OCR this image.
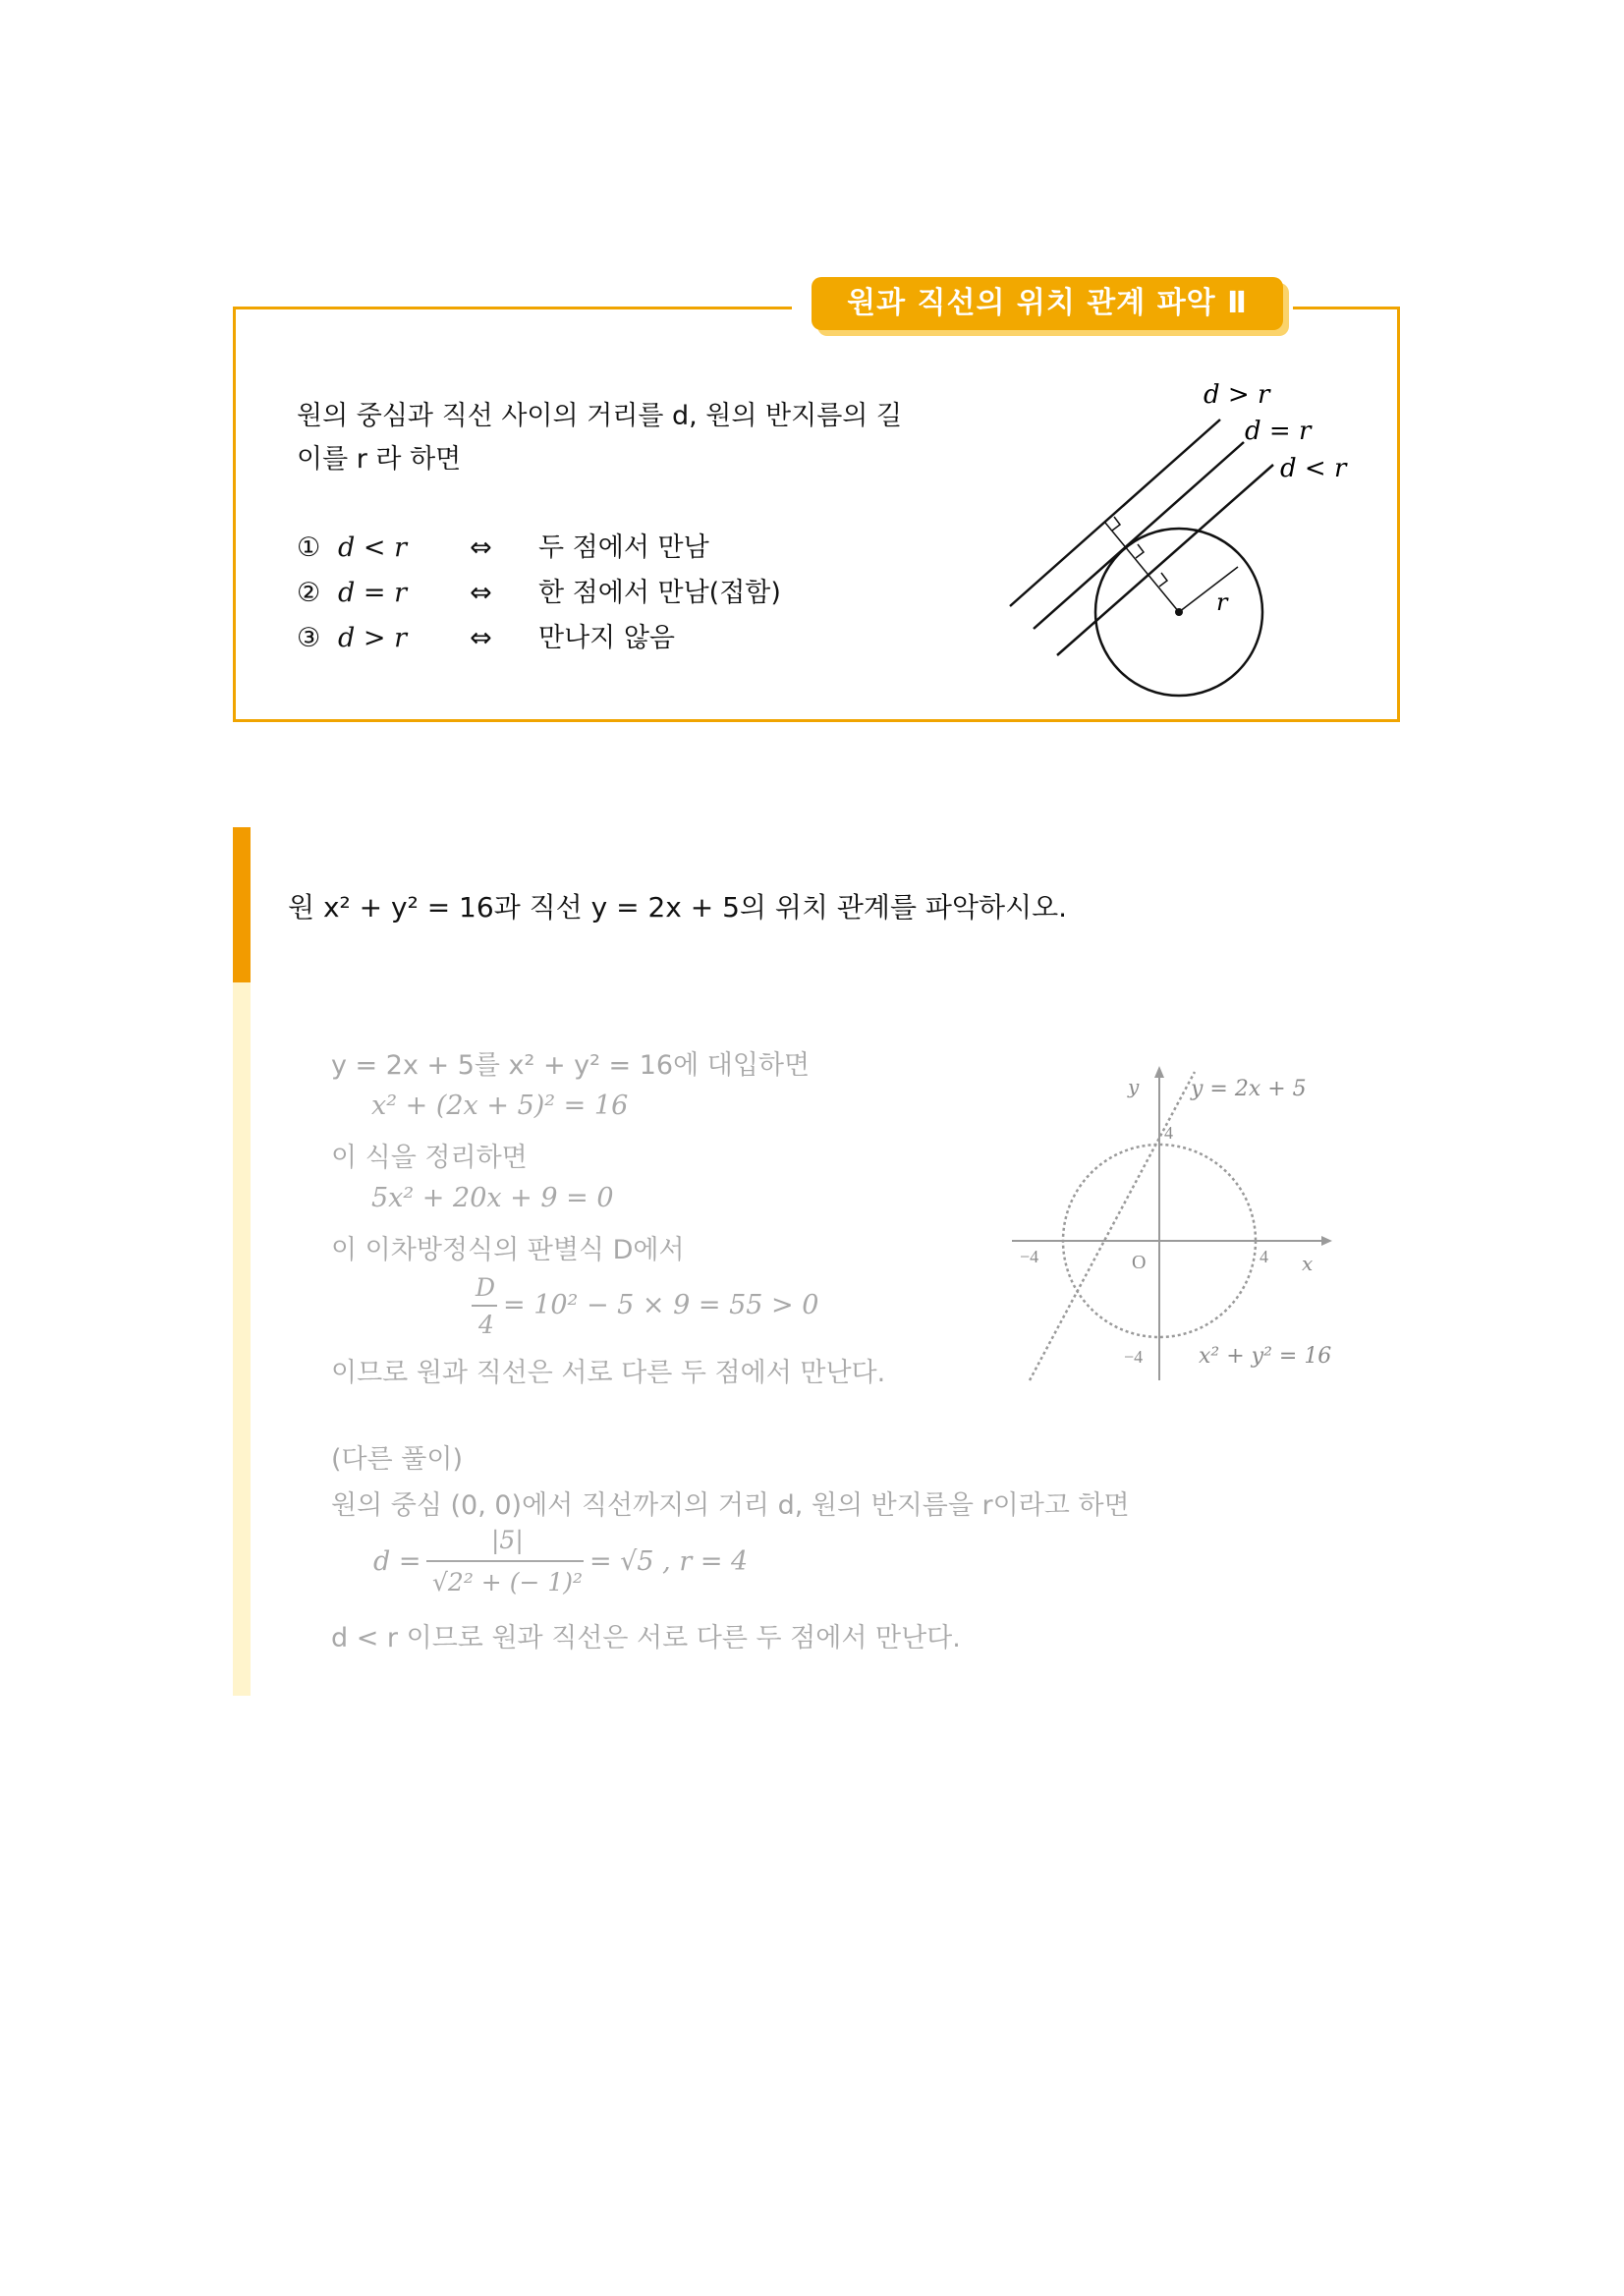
원과 직선의 위치 관계 파악 Ⅱ
원의 중심과 직선 사이의 거리를 d, 원의 반지름의 길
이를 r 라 하면
① d < r ⇔ 두 점에서 만남
② d = r ⇔ 한 점에서 만남(접함)
③ d > r ⇔ 만나지 않음
d > r
d = r
d < r
r
원 x² + y² = 16과 직선 y = 2x + 5의 위치 관계를 파악하시오.
y = 2x + 5를 x² + y² = 16에 대입하면
x² + (2x + 5)² = 16
이 식을 정리하면
5x² + 20x + 9 = 0
이 이차방정식의 판별식 D에서
D
4
= 10² − 5 × 9 = 55 > 0
이므로 원과 직선은 서로 다른 두 점에서 만난다.
(다른 풀이)
원의 중심 (0, 0)에서 직선까지의 거리 d, 원의 반지름을 r이라고 하면
d =
|5|
√2² + (− 1)²
= √5 , r = 4
d < r 이므로 원과 직선은 서로 다른 두 점에서 만난다.
y
x
y = 2x + 5
x² + y² = 16
O
4
4
−4
−4
